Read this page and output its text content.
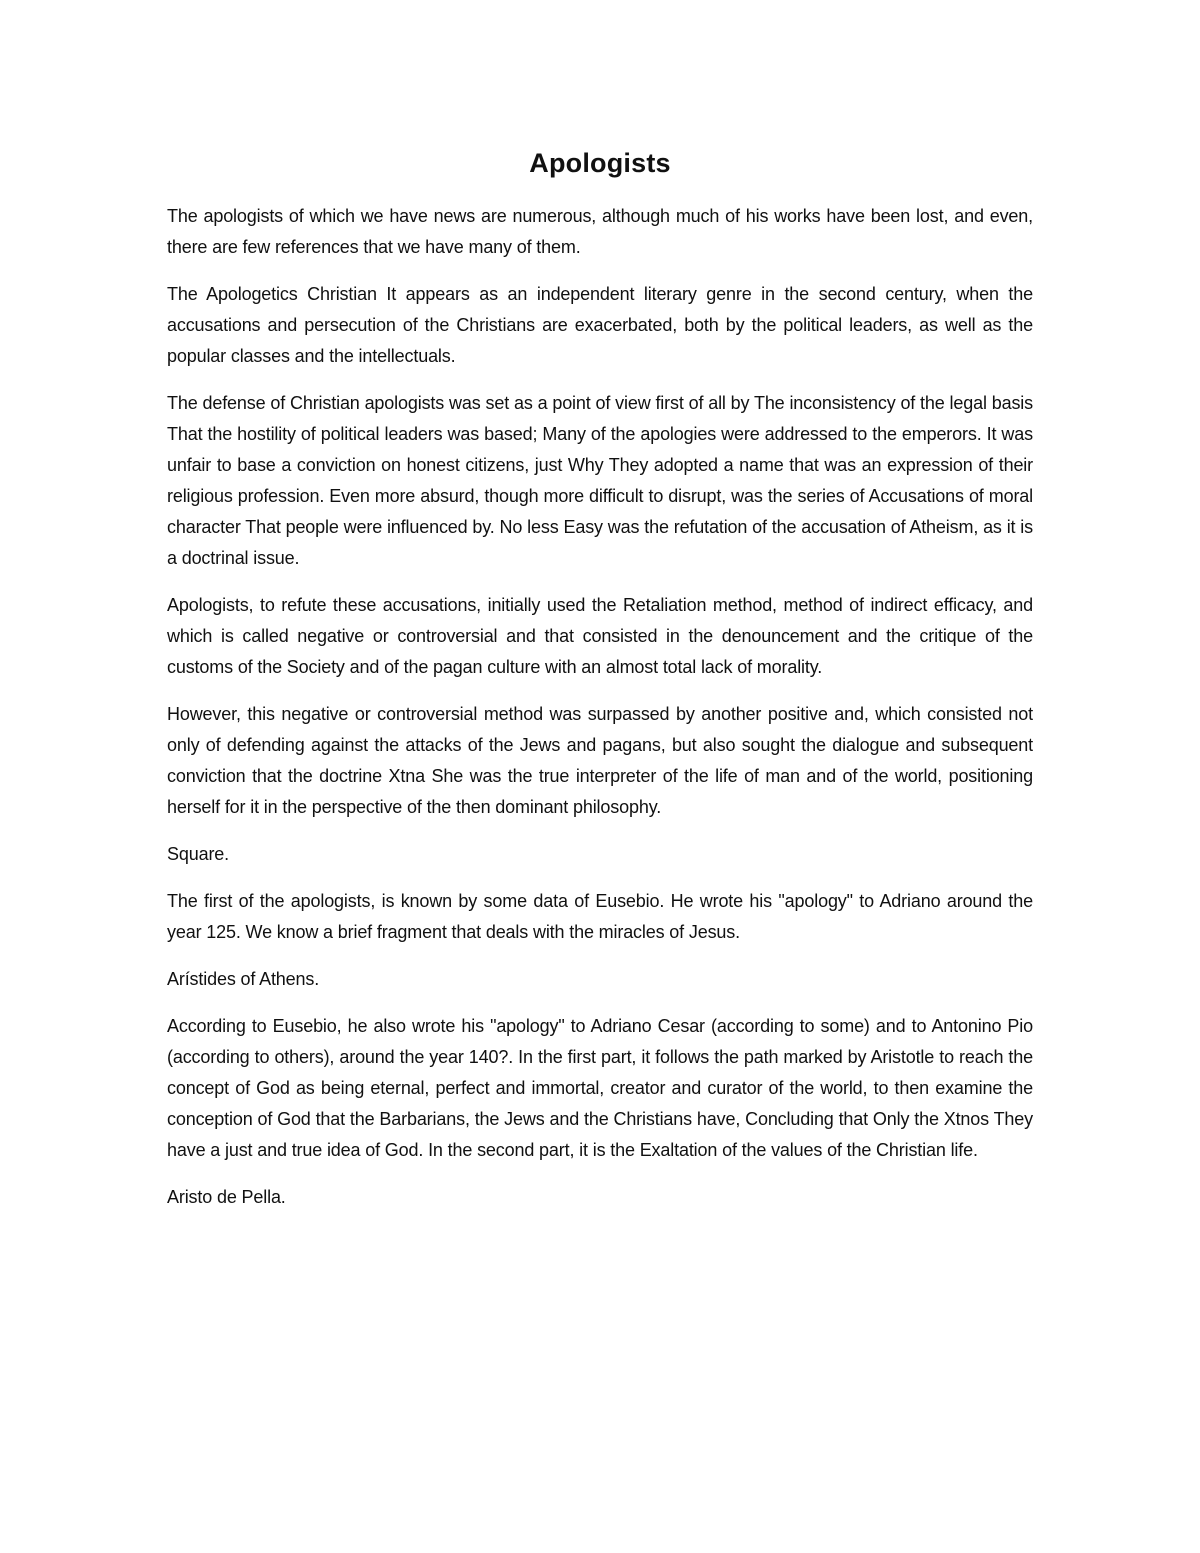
Apologists

The apologists of which we have news are numerous, although much of his works have been lost, and even, there are few references that we have many of them.

The Apologetics Christian It appears as an independent literary genre in the second century, when the accusations and persecution of the Christians are exacerbated, both by the political leaders, as well as the popular classes and the intellectuals.

The defense of Christian apologists was set as a point of view first of all by The inconsistency of the legal basis That the hostility of political leaders was based; Many of the apologies were addressed to the emperors. It was unfair to base a conviction on honest citizens, just Why They adopted a name that was an expression of their religious profession. Even more absurd, though more difficult to disrupt, was the series of Accusations of moral character That people were influenced by. No less Easy was the refutation of the accusation of Atheism, as it is a doctrinal issue.

Apologists, to refute these accusations, initially used the Retaliation method, method of indirect efficacy, and which is called negative or controversial and that consisted in the denouncement and the critique of the customs of the Society and of the pagan culture with an almost total lack of morality.

However, this negative or controversial method was surpassed by another positive and, which consisted not only of defending against the attacks of the Jews and pagans, but also sought the dialogue and subsequent conviction that the doctrine Xtna She was the true interpreter of the life of man and of the world, positioning herself for it in the perspective of the then dominant philosophy.

Square.

The first of the apologists, is known by some data of Eusebio. He wrote his "apology" to Adriano around the year 125. We know a brief fragment that deals with the miracles of Jesus.

Arístides of Athens.

According to Eusebio, he also wrote his "apology" to Adriano Cesar (according to some) and to Antonino Pio (according to others), around the year 140?. In the first part, it follows the path marked by Aristotle to reach the concept of God as being eternal, perfect and immortal, creator and curator of the world, to then examine the conception of God that the Barbarians, the Jews and the Christians have, Concluding that Only the Xtnos They have a just and true idea of God. In the second part, it is the Exaltation of the values of the Christian life.

Aristo de Pella.
